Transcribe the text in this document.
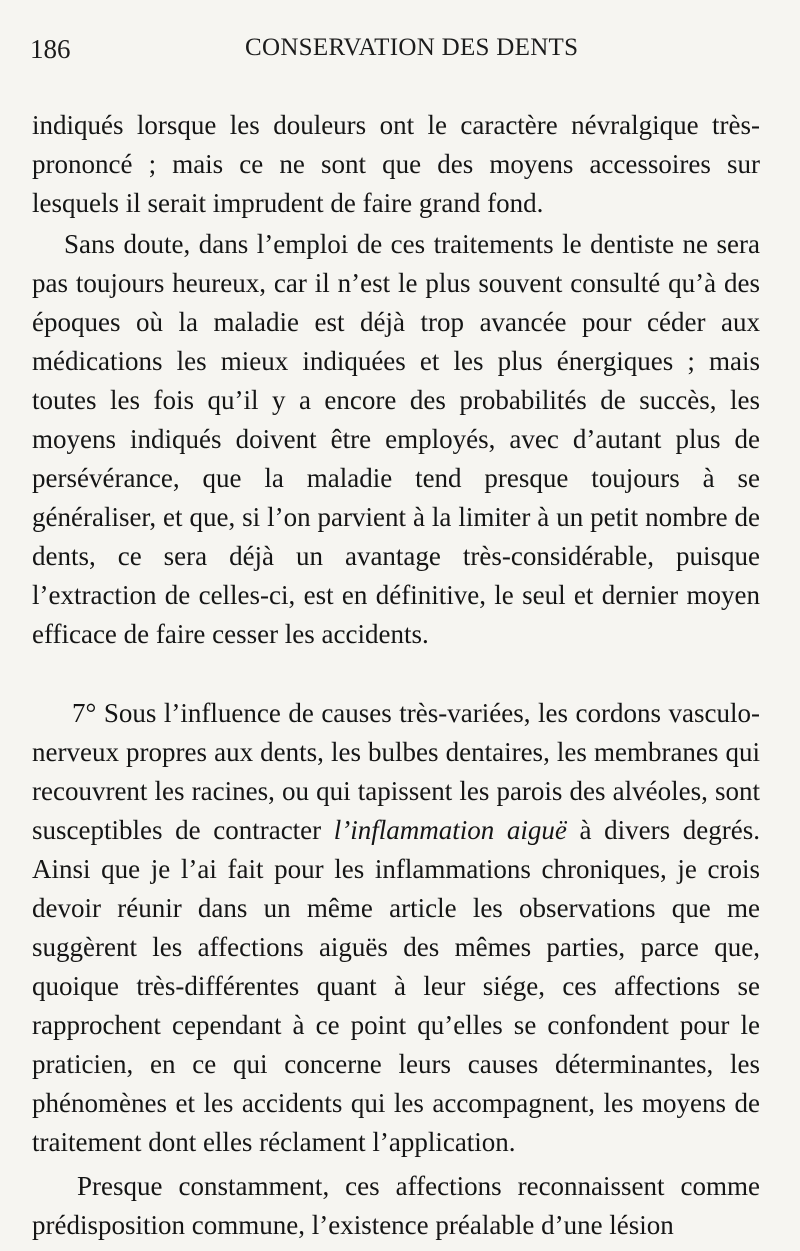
186	CONSERVATION DES DENTS

indiqués lorsque les douleurs ont le caractère névralgique très-prononcé ; mais ce ne sont que des moyens accessoires sur lesquels il serait imprudent de faire grand fond.

Sans doute, dans l’emploi de ces traitements le dentiste ne sera pas toujours heureux, car il n’est le plus souvent consulté qu’à des époques où la maladie est déjà trop avancée pour céder aux médications les mieux indiquées et les plus énergiques ; mais toutes les fois qu’il y a encore des probabilités de succès, les moyens indiqués doivent être employés, avec d’autant plus de persévérance, que la maladie tend presque toujours à se généraliser, et que, si l’on parvient à la limiter à un petit nombre de dents, ce sera déjà un avantage très-considérable, puisque l’extraction de celles-ci, est en définitive, le seul et dernier moyen efficace de faire cesser les accidents.

7° Sous l’influence de causes très-variées, les cordons vasculo-nerveux propres aux dents, les bulbes dentaires, les membranes qui recouvrent les racines, ou qui tapissent les parois des alvéoles, sont susceptibles de contracter l’inflammation aiguë à divers degrés. Ainsi que je l’ai fait pour les inflammations chroniques, je crois devoir réunir dans un même article les observations que me suggèrent les affections aiguës des mêmes parties, parce que, quoique très-différentes quant à leur siége, ces affections se rapprochent cependant à ce point qu’elles se confondent pour le praticien, en ce qui concerne leurs causes déterminantes, les phénomènes et les accidents qui les accompagnent, les moyens de traitement dont elles réclament l’application.

Presque constamment, ces affections reconnaissent comme prédisposition commune, l’existence préalable d’une lésion
